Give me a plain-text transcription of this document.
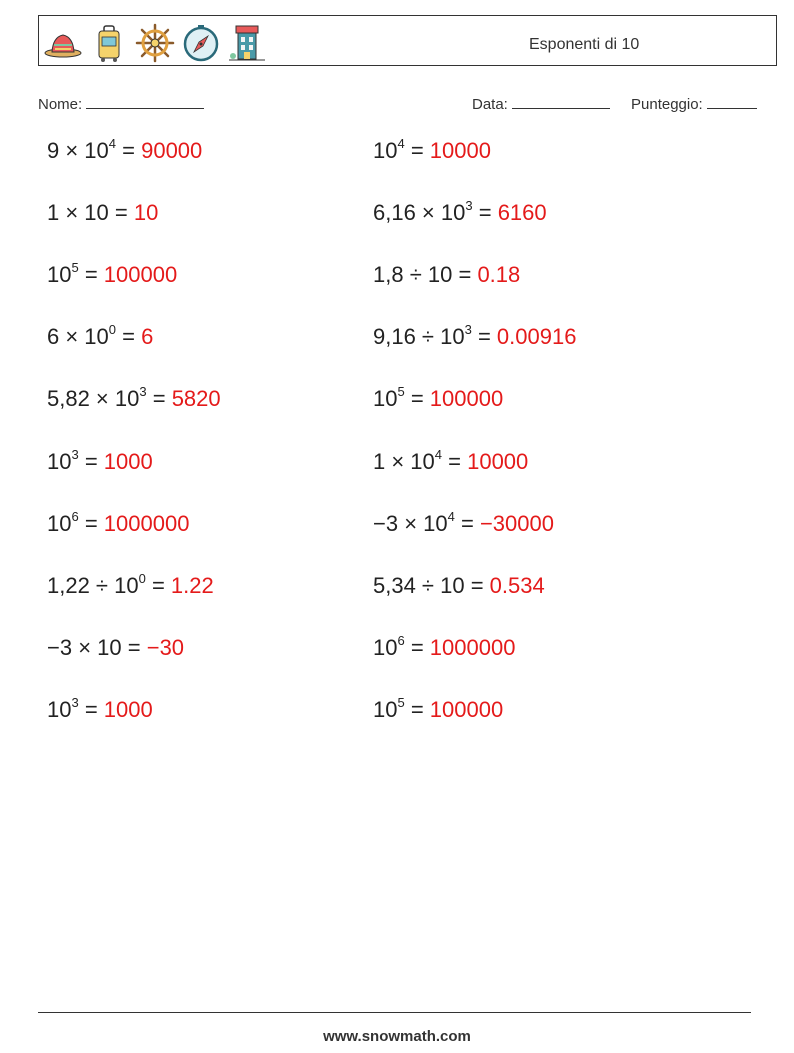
Esponenti di 10
Nome:	Data:	Punteggio:
$9 \times 10^4 = 90000$	$10^4 = 10000$
1 × 10 = 10	$6,16 \times 10^3 = 6160$
$10^5 = 100000$	1,8 ÷ 10 = 0.18
$6 \times 10^0 = 6$	$9,16 \div 10^3 = 0.00916$
$5,82 \times 10^3 = 5820$	$10^5 = 100000$
$10^3 = 1000$	$1 \times 10^4 = 10000$
$10^6 = 1000000$	$-3 \times 10^4 = -30000$
$1,22 \div 10^0 = 1.22$	5,34 ÷ 10 = 0.534
−3 × 10 = −30	$10^6 = 1000000$
$10^3 = 1000$	$10^5 = 100000$
www.snowmath.com
